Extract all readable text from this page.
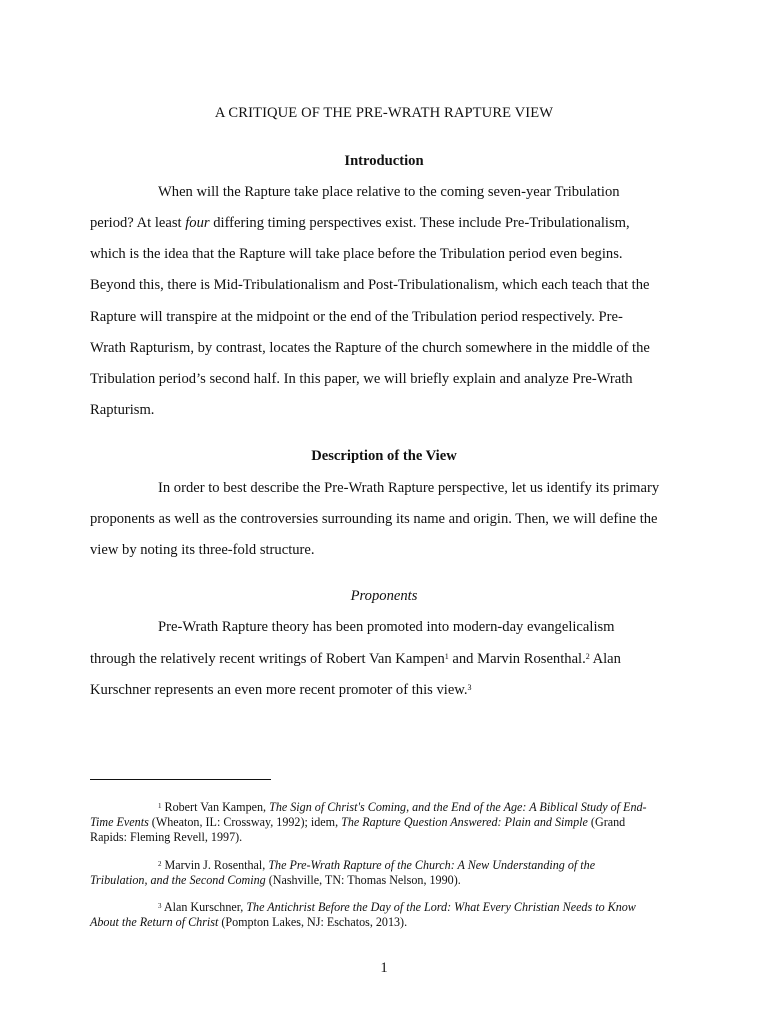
A CRITIQUE OF THE PRE-WRATH RAPTURE VIEW
Introduction
When will the Rapture take place relative to the coming seven-year Tribulation
period? At least four differing timing perspectives exist. These include Pre-Tribulationalism,
which is the idea that the Rapture will take place before the Tribulation period even begins.
Beyond this, there is Mid-Tribulationalism and Post-Tribulationalism, which each teach that the
Rapture will transpire at the midpoint or the end of the Tribulation period respectively. Pre-
Wrath Rapturism, by contrast, locates the Rapture of the church somewhere in the middle of the
Tribulation period’s second half. In this paper, we will briefly explain and analyze Pre-Wrath
Rapturism.
Description of the View
In order to best describe the Pre-Wrath Rapture perspective, let us identify its primary
proponents as well as the controversies surrounding its name and origin. Then, we will define the
view by noting its three-fold structure.
Proponents
Pre-Wrath Rapture theory has been promoted into modern-day evangelicalism
through the relatively recent writings of Robert Van Kampen$^1$ and Marvin Rosenthal.$^2$ Alan
Kurschner represents an even more recent promoter of this view.$^3$
$^1$ Robert Van Kampen, The Sign of Christ's Coming, and the End of the Age: A Biblical Study of End-
Time Events (Wheaton, IL: Crossway, 1992); idem, The Rapture Question Answered: Plain and Simple (Grand
Rapids: Fleming Revell, 1997).
$^2$ Marvin J. Rosenthal, The Pre-Wrath Rapture of the Church: A New Understanding of the
Tribulation, and the Second Coming (Nashville, TN: Thomas Nelson, 1990).
$^3$ Alan Kurschner, The Antichrist Before the Day of the Lord: What Every Christian Needs to Know
About the Return of Christ (Pompton Lakes, NJ: Eschatos, 2013).
1
